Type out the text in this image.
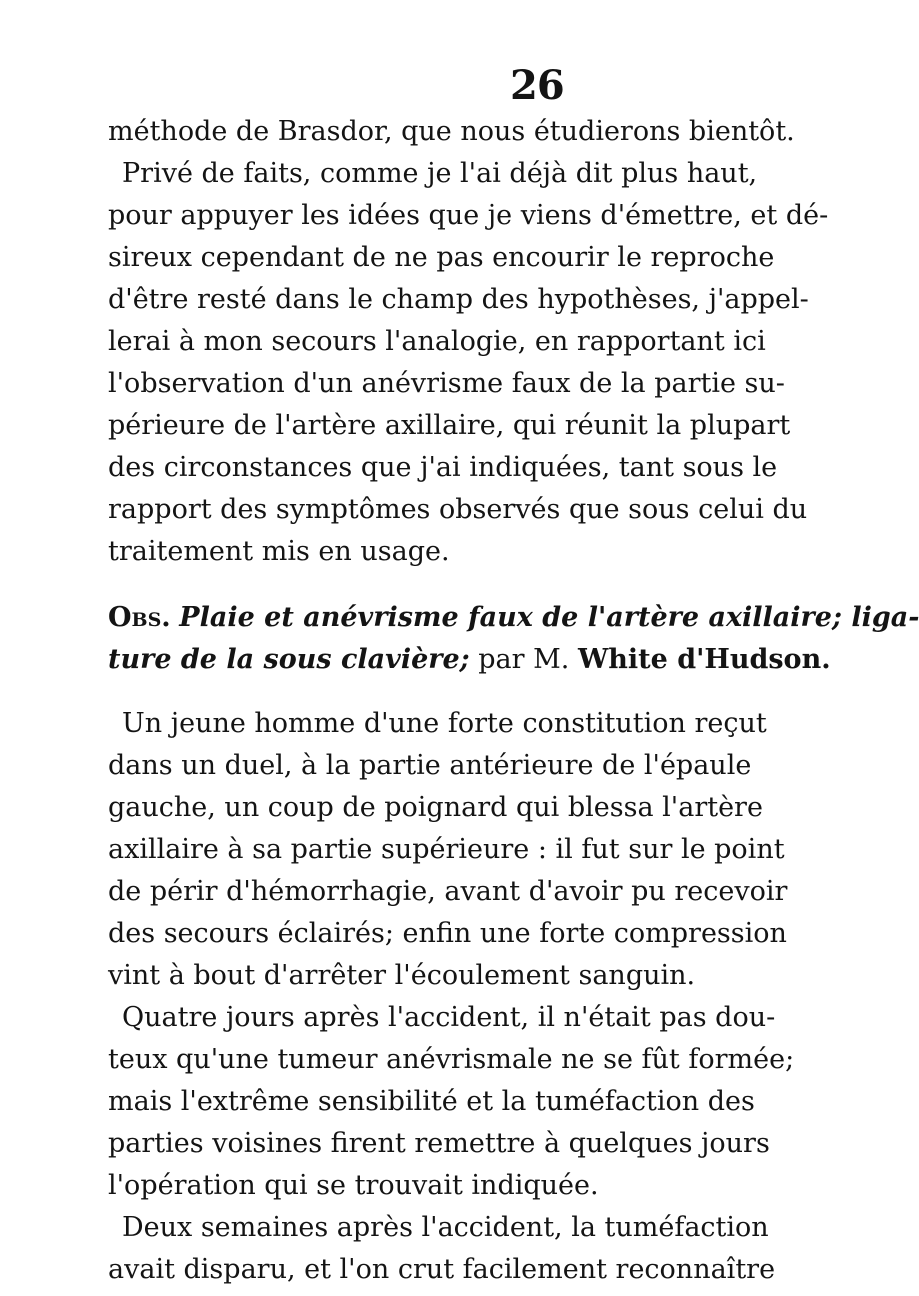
26
méthode de Brasdor, que nous étudierons bientôt.
Privé de faits, comme je l'ai déjà dit plus haut,
pour appuyer les idées que je viens d'émettre, et dé-
sireux cependant de ne pas encourir le reproche
d'être resté dans le champ des hypothèses, j'appel-
lerai à mon secours l'analogie, en rapportant ici
l'observation d'un anévrisme faux de la partie su-
périeure de l'artère axillaire, qui réunit la plupart
des circonstances que j'ai indiquées, tant sous le
rapport des symptômes observés que sous celui du
traitement mis en usage.
Obs. Plaie et anévrisme faux de l'artère axillaire; liga-
ture de la sous clavière; par M. White d'Hudson.
Un jeune homme d'une forte constitution reçut
dans un duel, à la partie antérieure de l'épaule
gauche, un coup de poignard qui blessa l'artère
axillaire à sa partie supérieure : il fut sur le point
de périr d'hémorrhagie, avant d'avoir pu recevoir
des secours éclairés; enfin une forte compression
vint à bout d'arrêter l'écoulement sanguin.
Quatre jours après l'accident, il n'était pas dou-
teux qu'une tumeur anévrismale ne se fût formée;
mais l'extrême sensibilité et la tuméfaction des
parties voisines firent remettre à quelques jours
l'opération qui se trouvait indiquée.
Deux semaines après l'accident, la tuméfaction
avait disparu, et l'on crut facilement reconnaître
